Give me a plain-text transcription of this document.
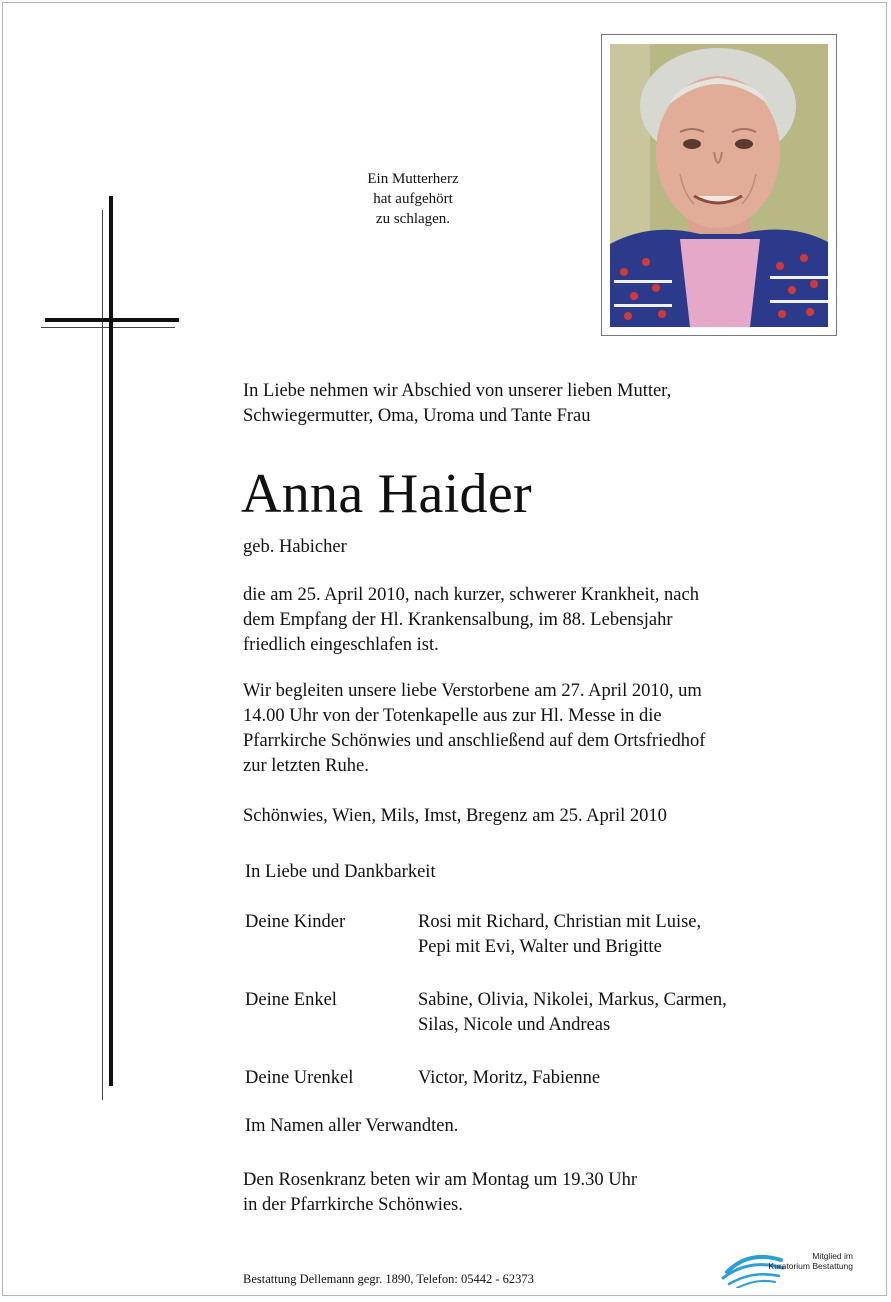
Ein Mutterherz
hat aufgehört
zu schlagen.
In Liebe nehmen wir Abschied von unserer lieben Mutter,
Schwiegermutter, Oma, Uroma und Tante Frau
Anna Haider
geb. Habicher
die am 25. April 2010, nach kurzer, schwerer Krankheit, nach
dem Empfang der Hl. Krankensalbung, im 88. Lebensjahr
friedlich eingeschlafen ist.
Wir begleiten unsere liebe Verstorbene am 27. April 2010, um
14.00 Uhr von der Totenkapelle aus zur Hl. Messe in die
Pfarrkirche Schönwies und anschließend auf dem Ortsfriedhof
zur letzten Ruhe.
Schönwies, Wien, Mils, Imst, Bregenz am 25. April 2010
In Liebe und Dankbarkeit
Deine Kinder	Rosi mit Richard, Christian mit Luise,
Pepi mit Evi, Walter und Brigitte
Deine Enkel	Sabine, Olivia, Nikolei, Markus, Carmen,
Silas, Nicole und Andreas
Deine Urenkel	Victor, Moritz, Fabienne
Im Namen aller Verwandten.
Den Rosenkranz beten wir am Montag um 19.30 Uhr
in der Pfarrkirche Schönwies.
Bestattung Dellemann gegr. 1890, Telefon: 05442 - 62373
Mitglied im
Kuratorium Bestattung
